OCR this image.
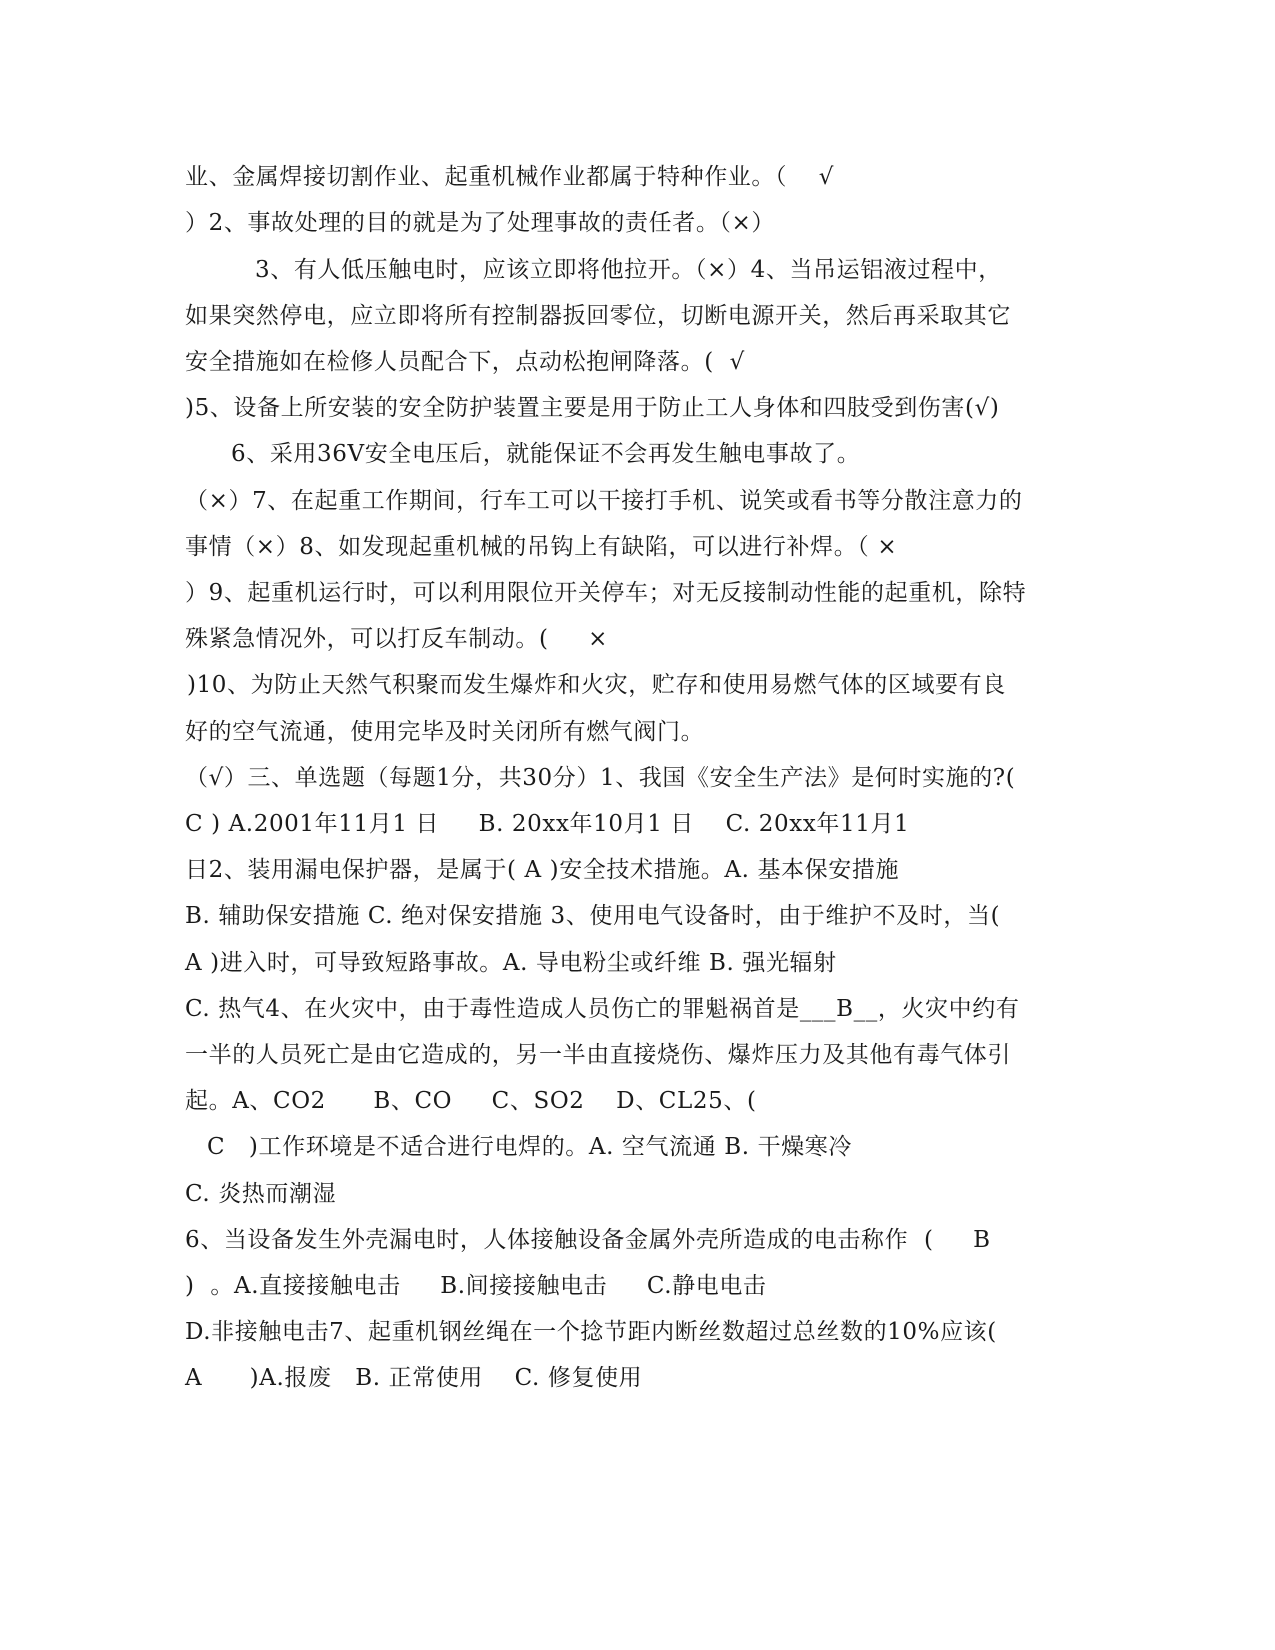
业、金属焊接切割作业、起重机械作业都属于特种作业。（    √
）2、事故处理的目的就是为了处理事故的责任者。（×）
3、有人低压触电时，应该立即将他拉开。（×）4、当吊运铝液过程中，
如果突然停电，应立即将所有控制器扳回零位，切断电源开关，然后再采取其它
安全措施如在检修人员配合下，点动松抱闸降落。(  √
)5、设备上所安装的安全防护装置主要是用于防止工人身体和四肢受到伤害(√)
6、采用36V安全电压后，就能保证不会再发生触电事故了。
（×）7、在起重工作期间，行车工可以干接打手机、说笑或看书等分散注意力的
事情（×）8、如发现起重机械的吊钩上有缺陷，可以进行补焊。（ ×
）9、起重机运行时，可以利用限位开关停车；对无反接制动性能的起重机，除特
殊紧急情况外，可以打反车制动。(     ×
)10、为防止天然气积聚而发生爆炸和火灾，贮存和使用易燃气体的区域要有良
好的空气流通，使用完毕及时关闭所有燃气阀门。
（√）三、单选题（每题1分，共30分）1、我国《安全生产法》是何时实施的?(
C ) A.2001年11月1 日     B. 20xx年10月1 日    C. 20xx年11月1
日2、装用漏电保护器，是属于( A )安全技术措施。A. 基本保安措施
B. 辅助保安措施 C. 绝对保安措施 3、使用电气设备时，由于维护不及时，当(
A )进入时，可导致短路事故。A. 导电粉尘或纤维 B. 强光辐射
C. 热气4、在火灾中，由于毒性造成人员伤亡的罪魁祸首是___B__，火灾中约有
一半的人员死亡是由它造成的，另一半由直接烧伤、爆炸压力及其他有毒气体引
起。A、CO2      B、CO     C、SO2    D、CL25、(
C   )工作环境是不适合进行电焊的。A. 空气流通 B. 干燥寒冷
C. 炎热而潮湿
6、当设备发生外壳漏电时，人体接触设备金属外壳所造成的电击称作  (     B
)  。A.直接接触电击     B.间接接触电击     C.静电电击
D.非接触电击7、起重机钢丝绳在一个捻节距内断丝数超过总丝数的10%应该(
A      )A.报废   B. 正常使用    C. 修复使用
